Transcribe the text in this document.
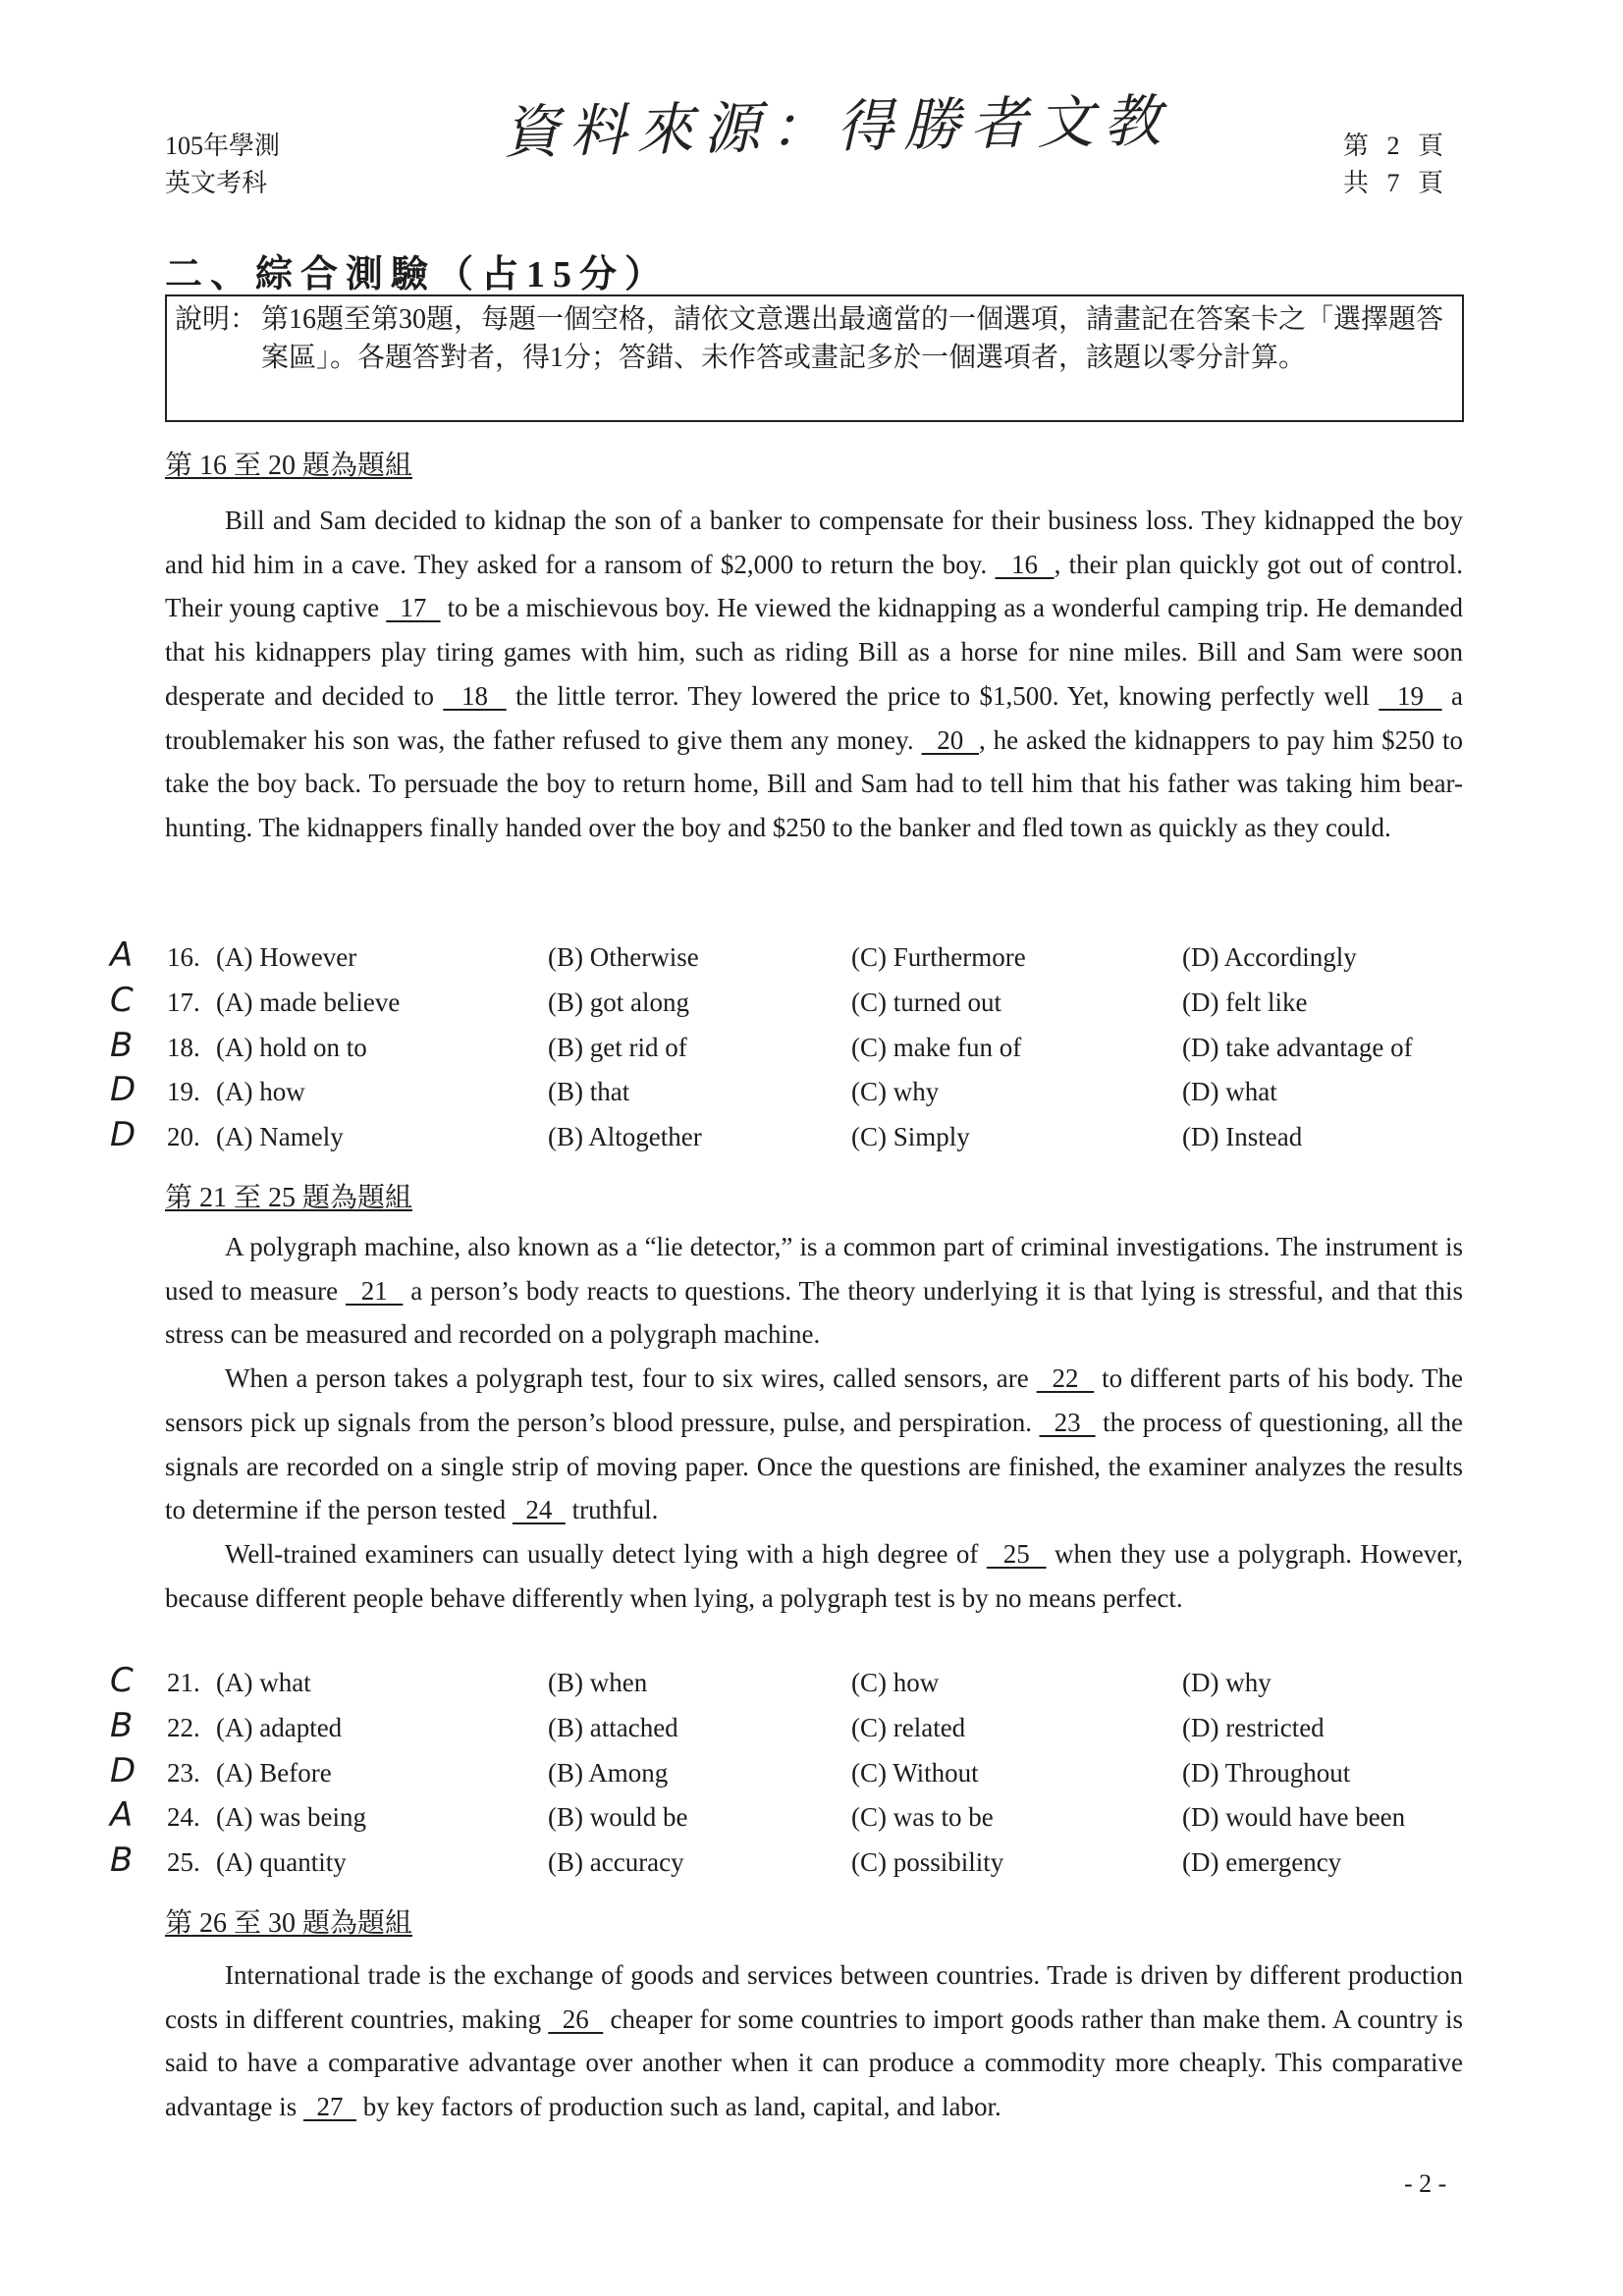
105年學測
英文考科
資料來源：得勝者文教	第 2 頁
共 7 頁
二、綜合測驗（占15分）
說明： 第16題至第30題，每題一個空格，請依文意選出最適當的一個選項，請畫記在答案卡之「選擇題答案區」。各題答對者，得1分；答錯、未作答或畫記多於一個選項者，該題以零分計算。
第 16 至 20 題為題組

Bill and Sam decided to kidnap the son of a banker to compensate for their business loss. They kidnapped the boy and hid him in a cave. They asked for a ransom of $2,000 to return the boy.   16  , their plan quickly got out of control. Their young captive   17   to be a mischievous boy. He viewed the kidnapping as a wonderful camping trip. He demanded that his kidnappers play tiring games with him, such as riding Bill as a horse for nine miles. Bill and Sam were soon desperate and decided to   18   the little terror. They lowered the price to $1,500. Yet, knowing perfectly well   19   a troublemaker his son was, the father refused to give them any money.   20  , he asked the kidnappers to pay him $250 to take the boy back. To persuade the boy to return home, Bill and Sam had to tell him that his father was taking him bear-hunting. The kidnappers finally handed over the boy and $250 to the banker and fled town as quickly as they could.

A 16. (A) However	(B) Otherwise	(C) Furthermore	(D) Accordingly
C 17. (A) made believe	(B) got along	(C) turned out	(D) felt like
B 18. (A) hold on to	(B) get rid of	(C) make fun of	(D) take advantage of
D 19. (A) how	(B) that	(C) why	(D) what
D 20. (A) Namely	(B) Altogether	(C) Simply	(D) Instead
第 21 至 25 題為題組

A polygraph machine, also known as a “lie detector,” is a common part of criminal investigations. The instrument is used to measure   21   a person’s body reacts to questions. The theory underlying it is that lying is stressful, and that this stress can be measured and recorded on a polygraph machine.

When a person takes a polygraph test, four to six wires, called sensors, are   22   to different parts of his body. The sensors pick up signals from the person’s blood pressure, pulse, and perspiration.   23   the process of questioning, all the signals are recorded on a single strip of moving paper. Once the questions are finished, the examiner analyzes the results to determine if the person tested   24   truthful.

Well-trained examiners can usually detect lying with a high degree of   25   when they use a polygraph. However, because different people behave differently when lying, a polygraph test is by no means perfect.

C 21. (A) what	(B) when	(C) how	(D) why
B 22. (A) adapted	(B) attached	(C) related	(D) restricted
D 23. (A) Before	(B) Among	(C) Without	(D) Throughout
A 24. (A) was being	(B) would be	(C) was to be	(D) would have been
B 25. (A) quantity	(B) accuracy	(C) possibility	(D) emergency
第 26 至 30 題為題組

International trade is the exchange of goods and services between countries. Trade is driven by different production costs in different countries, making   26   cheaper for some countries to import goods rather than make them. A country is said to have a comparative advantage over another when it can produce a commodity more cheaply. This comparative advantage is   27   by key factors of production such as land, capital, and labor.

- 2 -
